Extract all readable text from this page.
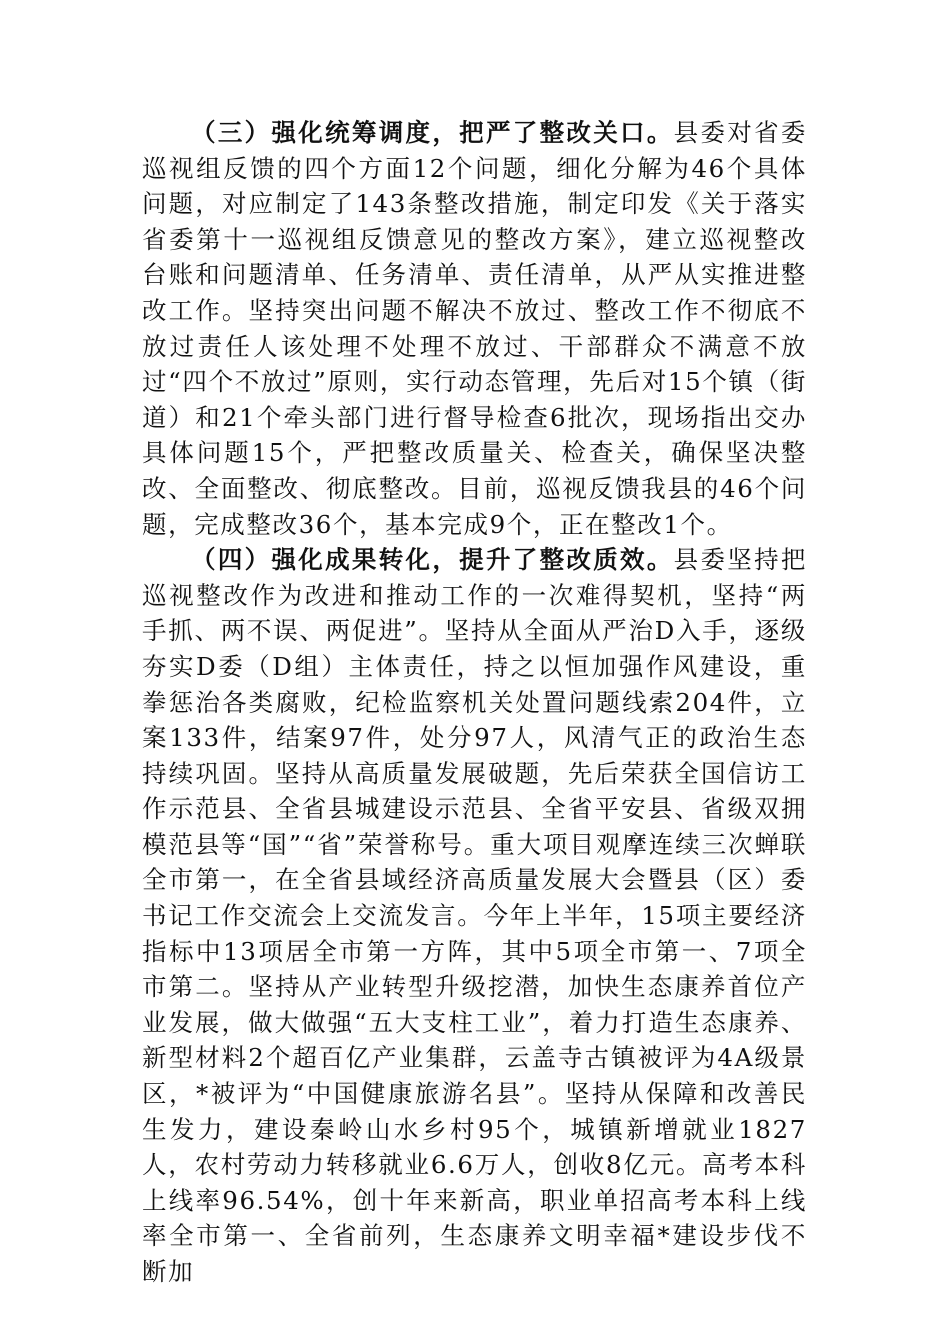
（三）强化统筹调度，把严了整改关口。县委对省委巡视组反馈的四个方面12个问题，细化分解为46个具体问题，对应制定了143条整改措施，制定印发《关于落实省委第十一巡视组反馈意见的整改方案》，建立巡视整改台账和问题清单、任务清单、责任清单，从严从实推进整改工作。坚持突出问题不解决不放过、整改工作不彻底不放过责任人该处理不处理不放过、干部群众不满意不放过“四个不放过”原则，实行动态管理，先后对15个镇（街道）和21个牵头部门进行督导检查6批次，现场指出交办具体问题15个，严把整改质量关、检查关，确保坚决整改、全面整改、彻底整改。目前，巡视反馈我县的46个问题，完成整改36个，基本完成9个，正在整改1个。

（四）强化成果转化，提升了整改质效。县委坚持把巡视整改作为改进和推动工作的一次难得契机，坚持“两手抓、两不误、两促进”。坚持从全面从严治D入手，逐级夯实D委（D组）主体责任，持之以恒加强作风建设，重拳惩治各类腐败，纪检监察机关处置问题线索204件，立案133件，结案97件，处分97人，风清气正的政治生态持续巩固。坚持从高质量发展破题，先后荣获全国信访工作示范县、全省县城建设示范县、全省平安县、省级双拥模范县等“国”“省”荣誉称号。重大项目观摩连续三次蝉联全市第一，在全省县域经济高质量发展大会暨县（区）委书记工作交流会上交流发言。今年上半年，15项主要经济指标中13项居全市第一方阵，其中5项全市第一、7项全市第二。坚持从产业转型升级挖潜，加快生态康养首位产业发展，做大做强“五大支柱工业”，着力打造生态康养、新型材料2个超百亿产业集群，云盖寺古镇被评为4A级景区，*被评为“中国健康旅游名县”。坚持从保障和改善民生发力，建设秦岭山水乡村95个，城镇新增就业1827人，农村劳动力转移就业6.6万人，创收8亿元。高考本科上线率96.54%，创十年来新高，职业单招高考本科上线率全市第一、全省前列，生态康养文明幸福*建设步伐不断加
